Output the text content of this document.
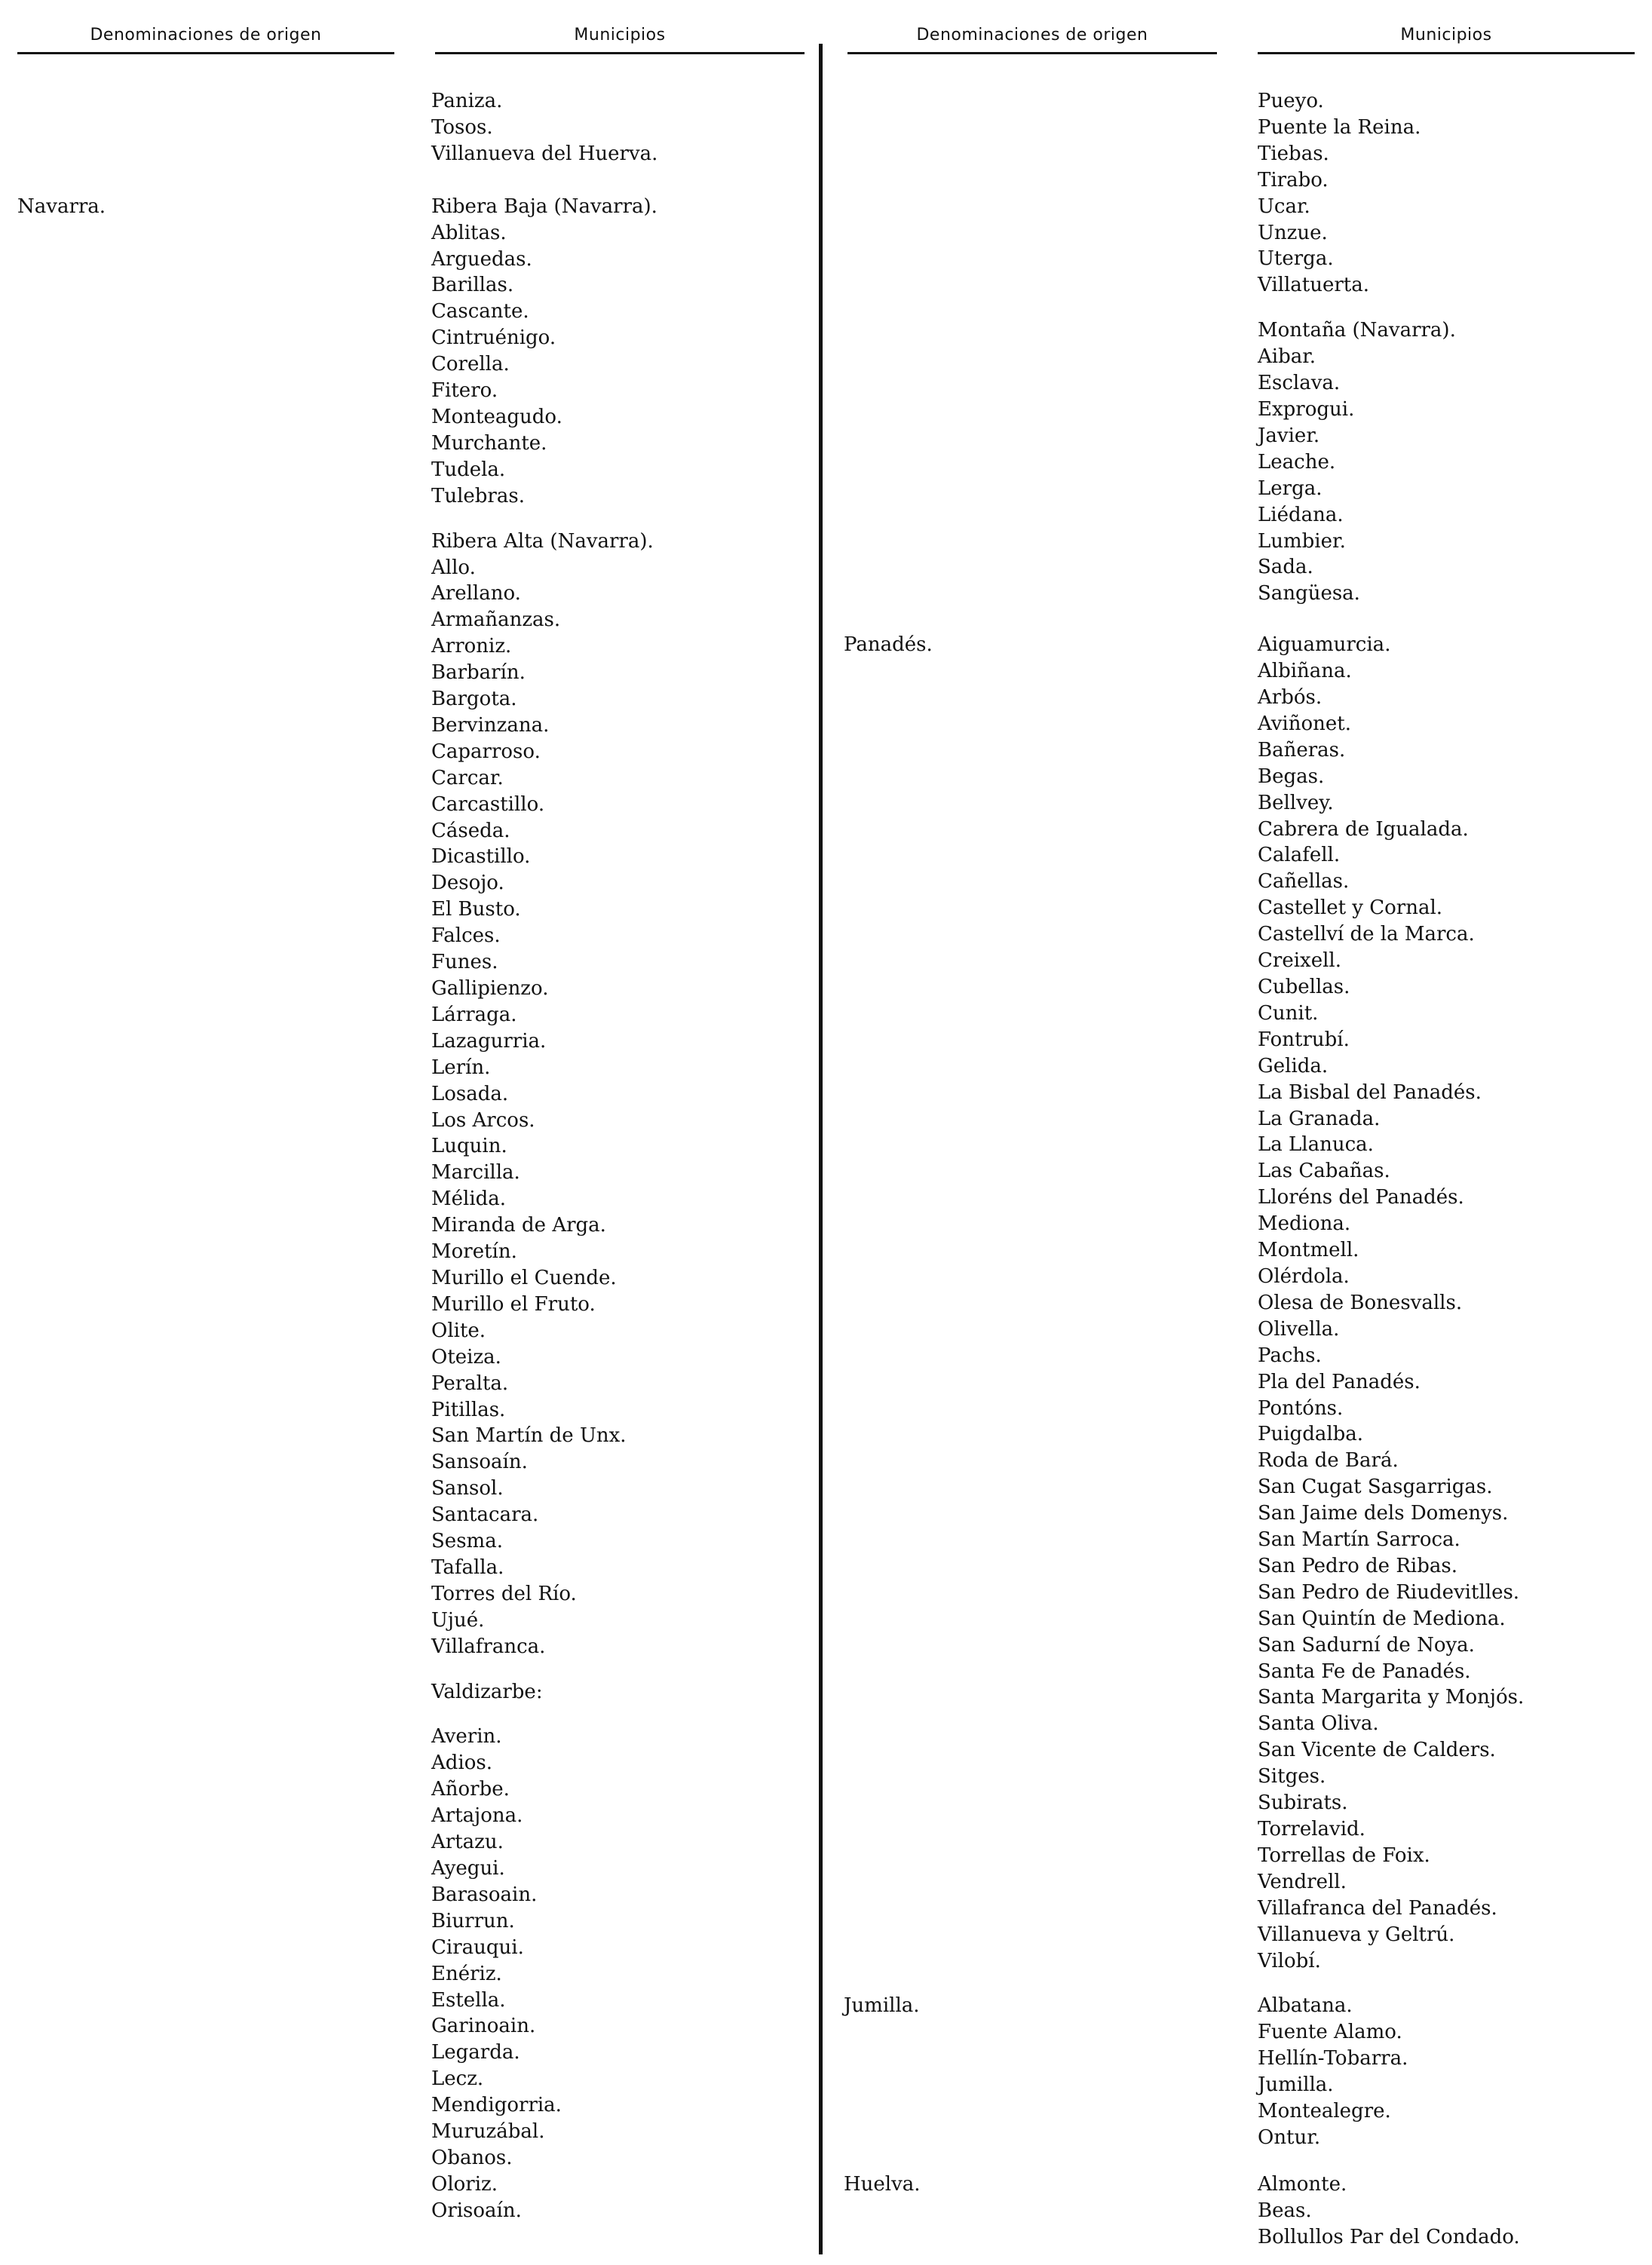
Denominaciones de origen	Municipios	Denominaciones de origen	Municipios
Paniza.
Tosos.
Villanueva del Huerva.
Navarra.	Ribera Baja (Navarra).
Ablitas.
Arguedas.
Barillas.
Cascante.
Cintruénigo.
Corella.
Fitero.
Monteagudo.
Murchante.
Tudela.
Tulebras.
Ribera Alta (Navarra).
Allo.
Arellano.
Armañanzas.
Arroniz.
Barbarín.
Bargota.
Bervinzana.
Caparroso.
Carcar.
Carcastillo.
Cáseda.
Dicastillo.
Desojo.
El Busto.
Falces.
Funes.
Gallipienzo.
Lárraga.
Lazagurria.
Lerín.
Losada.
Los Arcos.
Luquin.
Marcilla.
Mélida.
Miranda de Arga.
Moretín.
Murillo el Cuende.
Murillo el Fruto.
Olite.
Oteiza.
Peralta.
Pitillas.
San Martín de Unx.
Sansoaín.
Sansol.
Santacara.
Sesma.
Tafalla.
Torres del Río.
Ujué.
Villafranca.
Valdizarbe:
Averin.
Adios.
Añorbe.
Artajona.
Artazu.
Ayegui.
Barasoain.
Biurrun.
Cirauqui.
Enériz.
Estella.
Garinoain.
Legarda.
Lecz.
Mendigorria.
Muruzábal.
Obanos.
Oloriz.
Orisoaín.
Pueyo.
Puente la Reina.
Tiebas.
Tirabo.
Ucar.
Unzue.
Uterga.
Villatuerta.
Montaña (Navarra).
Aibar.
Esclava.
Exprogui.
Javier.
Leache.
Lerga.
Liédana.
Lumbier.
Sada.
Sangüesa.
Panadés.	Aiguamurcia.
Albiñana.
Arbós.
Aviñonet.
Bañeras.
Begas.
Bellvey.
Cabrera de Igualada.
Calafell.
Cañellas.
Castellet y Cornal.
Castellví de la Marca.
Creixell.
Cubellas.
Cunit.
Fontrubí.
Gelida.
La Bisbal del Panadés.
La Granada.
La Llanuca.
Las Cabañas.
Lloréns del Panadés.
Mediona.
Montmell.
Olérdola.
Olesa de Bonesvalls.
Olivella.
Pachs.
Pla del Panadés.
Pontóns.
Puigdalba.
Roda de Bará.
San Cugat Sasgarrigas.
San Jaime dels Domenys.
San Martín Sarroca.
San Pedro de Ribas.
San Pedro de Riudevitlles.
San Quintín de Mediona.
San Sadurní de Noya.
Santa Fe de Panadés.
Santa Margarita y Monjós.
Santa Oliva.
San Vicente de Calders.
Sitges.
Subirats.
Torrelavid.
Torrellas de Foix.
Vendrell.
Villafranca del Panadés.
Villanueva y Geltrú.
Vilobí.
Jumilla.	Albatana.
Fuente Alamo.
Hellín-Tobarra.
Jumilla.
Montealegre.
Ontur.
Huelva.	Almonte.
Beas.
Bollullos Par del Condado.
